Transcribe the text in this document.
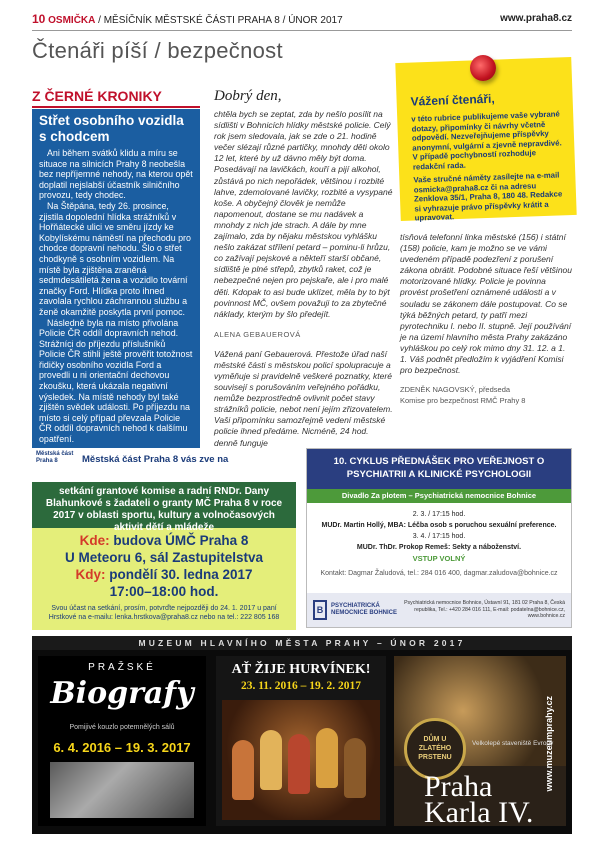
10 OSMIČKA / MĚSÍČNÍK MĚSTSKÉ ČÁSTI PRAHA 8 / ÚNOR 2017	www.praha8.cz
Čtenáři píší / bezpečnost
Z ČERNÉ KRONIKY
Střet osobního vozidla s chodcem

Ani během svátků klidu a míru se situace na silnicích Prahy 8 neobešla bez nepříjemné nehody, na kterou opět doplatil nejslabší účastník silničního provozu, tedy chodec.

Na Štěpána, tedy 26. prosince, zjistila dopolední hlídka strážníků v Hořňátecké ulici ve směru jízdy ke Kobylískému náměstí na přechodu pro chodce dopravní nehodu. Šlo o střet chodkyně s osobním vozidlem. Na místě byla zjištěna zraněná sedmdesátiletá žena a vozidlo tovární značky Ford. Hlídka proto ihned zavolala rychlou záchrannou službu a ženě okamžitě poskytla první pomoc.

Následně byla na místo přivolána Policie ČR oddíl dopravních nehod. Strážníci do příjezdu příslušníků Policie ČR stihli ještě prověřit totožnost řidičky osobního vozidla Ford a provedli u ni orientační dechovou zkoušku, která ukázala negativní výsledek. Na místě nehody byl také zjištěn svědek události. Po příjezdu na místo si celý případ převzala Policie ČR oddíl dopravních nehod k dalšímu opatření.

Dobrý den,
chtěla bych se zeptat, zda by nešlo posílit na sídlišti v Bohnicích hlídky městské policie. Celý rok jsem sledovala, jak se zde o 21. hodině večer slézají různé partičky, mnohdy děti okolo 12 let, které by už dávno měly být doma. Posedávají na lavičkách, kouří a pijí alkohol, zůstává po nich nepořádek, většinou i rozbité lahve, zdemolované lavičky, rozbité a vysypané koše. A obyčejný člověk je nemůže napomenout, dostane se mu nadávek a mnohdy z nich jde strach. A dále by mne zajímalo, zda by nějaku městskou vyhlášku nešlo zakázat střílení petard – pominu-li hrůzu, co zažívají pejskové a někteří starší občané, sídliště je plné střepů, zbytků raket, což je nebezpečné nejen pro pejskaře, ale i pro malé děti. Kdopak to asi bude uklízet, měla by to být povinnost MČ, ovšem považuji to za zbytečné náklady, kterým by šlo předejít.
ALENA GEBAUEROVÁ
Vážená paní Gebauerová. Přestože úřad naší městské části s městskou policí spolupracuje a vyměňuje si pravidelně veškeré poznatky, které souvisejí s porušováním veřejného pořádku, nemůže bezprostředně ovlivnit počet stavy strážníků policie, nebot není jejím zřizovatelem. Vaši připomínku samozřejmě vedení městské policie ihned předáme. Nicméně, 24 hod. denně funguje
Vážení čtenáři,

v této rubrice publikujeme vaše vybrané dotazy, připomínky či návrhy včetně odpovědí. Nezveřejňujeme příspěvky anonymní, vulgární a zjevně nepravdivé. V případě pochybností rozhoduje redakční rada.

Vaše stručné náměty zasílejte na e-mail osmicka@praha8.cz či na adresu Zenklova 35/1, Praha 8, 180 48. Redakce si vyhrazuje právo příspěvky krátit a upravovat.

tísňová telefonní linka městské (156) i státní (158) policie, kam je možno se ve vámi uvedeném případě podezření z porušení zákona obrátit. Podobné situace řeší většinou motorizované hlídky. Policie je povinna provést prošetření oznámené události a v souladu se zákonem dále postupovat. Co se týká běžných petard, ty patří mezi pyrotechniku I. nebo II. stupně. Její používání je na území hlavního města Prahy zakázáno vyhláškou po celý rok mimo dny 31. 12. a 1. 1. Váš podnět předložím k vyjádření Komisi pro bezpečnost.
ZDENĚK NAGOVSKÝ, předseda
Komise pro bezpečnost RMČ Prahy 8
Městská část Praha 8	Městská část Praha 8 vás zve na
setkání grantové komise a radní RNDr. Dany Blahunkové s žadateli o granty MČ Praha 8 v roce 2017 v oblasti sportu, kultury a volnočasových aktivit dětí a mládeže
Kde: budova ÚMČ Praha 8
U Meteoru 6, sál Zastupitelstva
Kdy: pondělí 30. ledna 2017
17:00–18:00 hod.
Svou účast na setkání, prosím, potvrďte nejpozději do 24. 1. 2017 u paní Hrstkové na e-mailu: lenka.hrstkova@praha8.cz nebo na tel.: 222 805 168
10. CYKLUS PŘEDNÁŠEK PRO VEŘEJNOST O PSYCHIATRII A KLINICKÉ PSYCHOLOGII
Divadlo Za plotem – Psychiatrická nemocnice Bohnice
2. 3. / 17:15 hod.
MUDr. Martin Hollý, MBA: Léčba osob s poruchou sexuální preference.
3. 4. / 17:15 hod.
MUDr. ThDr. Prokop Remeš: Sekty a náboženství.
VSTUP VOLNÝ
Kontakt: Dagmar Žaludová, tel.: 284 016 400, dagmar.zaludova@bohnice.cz
B	PSYCHIATRICKÁ NEMOCNICE BOHNICE
Psychiatrická nemocnice Bohnice, Ústavní 91, 181 02 Praha 8, Česká republika, Tel.: +420 284 016 111, E-mail: podatelna@bohnice.cz, www.bohnice.cz
MUZEUM HLAVNÍHO MĚSTA PRAHY – ÚNOR 2017
PRAŽSKÉ
Biografy
Pomijivé kouzlo potemnělých sálů
6. 4. 2016 – 19. 3. 2017
AŤ ŽIJE HURVÍNEK!
23. 11. 2016 – 19. 2. 2017
DŮM U ZLATÉHO PRSTENU
Velkolepé staveniště Evropy
Praha Karla IV.
www.muzeumprahy.cz
